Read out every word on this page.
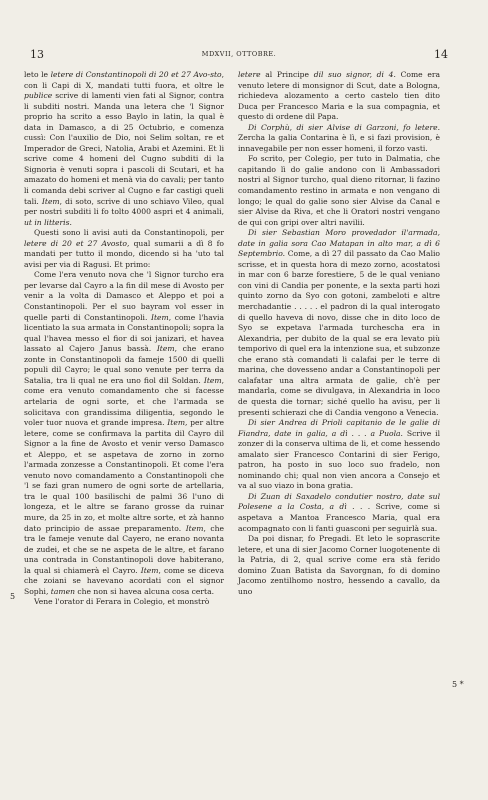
13	MDXVII, OTTOBRE.	14

leto le letere di Constantinopoli di 20 et 27 Avo-sto, con li Capi di X, mandati tutti fuora, et oltre le publice scrive di lamenti vien fati al Signor, contra li subditi nostri. Manda una letera che 'l Signor proprio ha scrito a esso Baylo in latin, la qual è data in Damasco, a di 25 Octubrio, e comenza cussì: Con l'auxilio de Dio, noi Selim soltan, re et Imperador de Greci, Natolia, Arabi et Azemini. Et li scrive come 4 homeni del Cugno subditi di la Signoria è venuti sopra i pascoli di Scutari, et ha amazato do homeni et menà via do cavali; per tanto li comanda debi scriver al Cugno e far castigi queli tali. Item, di soto, scrive di uno schiavo Vileo, qual per nostri subditi li fo tolto 4000 aspri et 4 animali, ut in litteris.

Questi sono li avisi auti da Constantinopoli, per letere di 20 et 27 Avosto, qual sumarii a dì 8 fo mandati per tutto il mondo, dicendo si ha 'uto tal avisi per via di Ragusi. Et primo:

Come l'era venuto nova che 'l Signor turcho era per levarse dal Cayro a la fin dil mese di Avosto per venir a la volta di Damasco et Aleppo et poi a Constantinopoli. Per el suo bayram vol esser in quelle parti di Constantinopoli. Item, come l'havia licentiato la sua armata in Constantinopoli; sopra la qual l'havea messo el fior di soi janizari, et havea lassato al Cajero Janus bassà. Item, che erano zonte in Constantinopoli da fameje 1500 di quelli populi dil Cayro; le qual sono venute per terra da Satalia, tra li qual ne era uno fiol dil Soldan. Item, come era venuto comandamento che si facesse artelaria de ogni sorte, et che l'armada se solicitava con grandissima diligentia, segondo le voler tuor nuova et grande impresa. Item, per altre letere, come se confirmava la partita dil Cayro dil Signor a la fine de Avosto et venir verso Damasco et Aleppo, et se aspetava de zorno in zorno l'armada zonzesse a Constantinopoli. Et come l'era venuto novo comandamento a Constantinopoli che 'l se fazi gran numero de ogni sorte de artellaria, tra le qual 100 basilischi de palmi 36 l'uno di longeza, et le altre se farano grosse da ruinar mure, da 25 in zo, et molte altre sorte, et zà hanno dato principio de assae preparamento. Item, che tra le fameje venute dal Cayero, ne erano novanta de zudei, et che se ne aspeta de le altre, et farano una contrada in Constantinopoli dove habiterano, la qual si chiamerà el Cayro. Item, come se diceva che zoiani se havevano acordati con el signor Sophi, tamen che non si havea alcuna cosa certa.

Vene l'orator di Ferara in Colegio, et monstrò

letere al Principe dil suo signor, di 4. Come era venuto letere di monsignor di Scut, date a Bologna, richiedeva alozamento a certo castelo tien dito Duca per Francesco Maria e la sua compagnia, et questo di ordene dil Papa.

Di Corphù, di sier Alvise di Garzoni, fo letere. Zercha la galia Contarina è lì, e si fazi provision, è innavegabile per non esser homeni, il forzo vasti.

Fo scrito, per Colegio, per tuto in Dalmatia, che capitando lì do galie andono con li Ambassadori nostri al Signor turcho, qual dieno ritornar, li fazino comandamento restino in armata e non vengano di longo; le qual do galie sono sier Alvise da Canal e sier Alvise da Riva, et che li Oratori nostri vengano de qui con gripi over altri navilii.

Di sier Sebastian Moro provedador il'armada, date in galia sora Cao Matapan in alto mar, a dì 6 Septembrio. Come, a dì 27 dil passato da Cao Malio scrisse, et in questa hora di mezo zorno, acostatosi in mar con 6 barze forestiere, 5 de le qual veniano con vini di Candia per ponente, e la sexta parti hozi quinto zorno da Syo con gotoni, zambeloti e altre merchadantie . . . . . el padron di la qual interogato di quello haveva di novo, disse che in dito loco de Syo se expetava l'armada turchescha era in Alexandria, per dubito de la qual se era levato più temporivo di quel era la intenzione sua, et subzonze che erano stà comandati li calafai per le terre di marina, che dovesseno andar a Constantinopoli per calafatar una altra armata de galie, ch'è per mandarla, come se divulgava, in Alexandria in loco de questa die tornar; siché quello ha avisu, per li presenti schierazi che di Candia vengono a Venecia.

Di sier Andrea di Prioli capitanio de le galie di Fiandra, date in galia, a dì . . . a Puola. Scrive il zonzer di la conserva ultima de li, et come hessendo amalato sier Francesco Contarini di sier Ferigo, patron, ha posto in suo loco suo fradelo, non nominando chi; qual non vien ancora a Consejo et va al suo viazo in bona gratia.

Di Zuan di Saxadelo condutier nostro, date sul Polesene a la Costa, a dì . . . Scrive, come si aspetava a Mantoa Francesco Maria, qual era acompagnato con li fanti guasconi per seguirlà sua.

Da poi disnar, fo Pregadi. Et leto le soprascrite letere, et una di sier Jacomo Corner luogotenente di la Patria, di 2, qual scrive come era stà ferido domino Zuan Batista da Savorgnan, fo di domino Jacomo zentilhomo nostro, hessendo a cavallo, da uno

5
5 *
